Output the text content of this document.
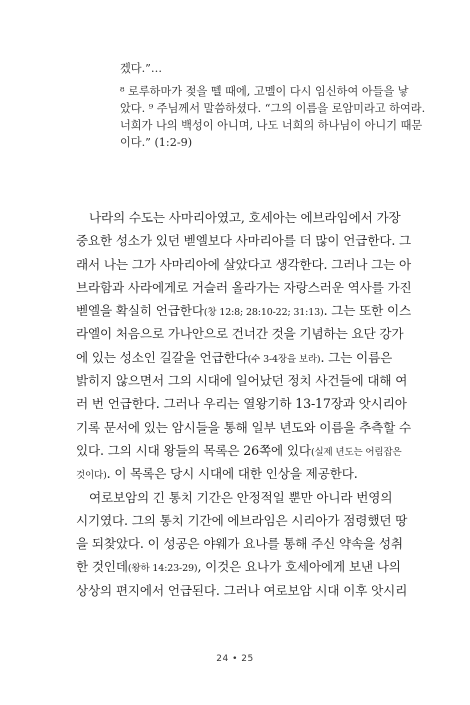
겠다.”…
⁸ 로루하마가 젖을 뗄 때에, 고멜이 다시 임신하여 아들을 낳
았다. ⁹ 주님께서 말씀하셨다. “그의 이름을 로암미라고 하여라.
너희가 나의 백성이 아니며, 나도 너희의 하나님이 아니기 때문
이다.” (1:2-9)
나라의 수도는 사마리아였고, 호세아는 에브라임에서 가장
중요한 성소가 있던 벧엘보다 사마리아를 더 많이 언급한다. 그
래서 나는 그가 사마리아에 살았다고 생각한다. 그러나 그는 아
브라함과 사라에게로 거슬러 올라가는 자랑스러운 역사를 가진
벧엘을 확실히 언급한다(창 12:8; 28:10-22; 31:13). 그는 또한 이스
라엘이 처음으로 가나안으로 건너간 것을 기념하는 요단 강가
에 있는 성소인 길갈을 언급한다(수 3-4장을 보라). 그는 이름은
밝히지 않으면서 그의 시대에 일어났던 정치 사건들에 대해 여
러 번 언급한다. 그러나 우리는 열왕기하 13-17장과 앗시리아
기록 문서에 있는 암시들을 통해 일부 년도와 이름을 추측할 수
있다. 그의 시대 왕들의 목록은 26쪽에 있다(실제 년도는 어림잡은
것이다). 이 목록은 당시 시대에 대한 인상을 제공한다.
여로보암의 긴 통치 기간은 안정적일 뿐만 아니라 번영의
시기였다. 그의 통치 기간에 에브라임은 시리아가 점령했던 땅
을 되찾았다. 이 성공은 야웨가 요나를 통해 주신 약속을 성취
한 것인데(왕하 14:23-29), 이것은 요나가 호세아에게 보낸 나의
상상의 편지에서 언급된다. 그러나 여로보암 시대 이후 앗시리
24 • 25
